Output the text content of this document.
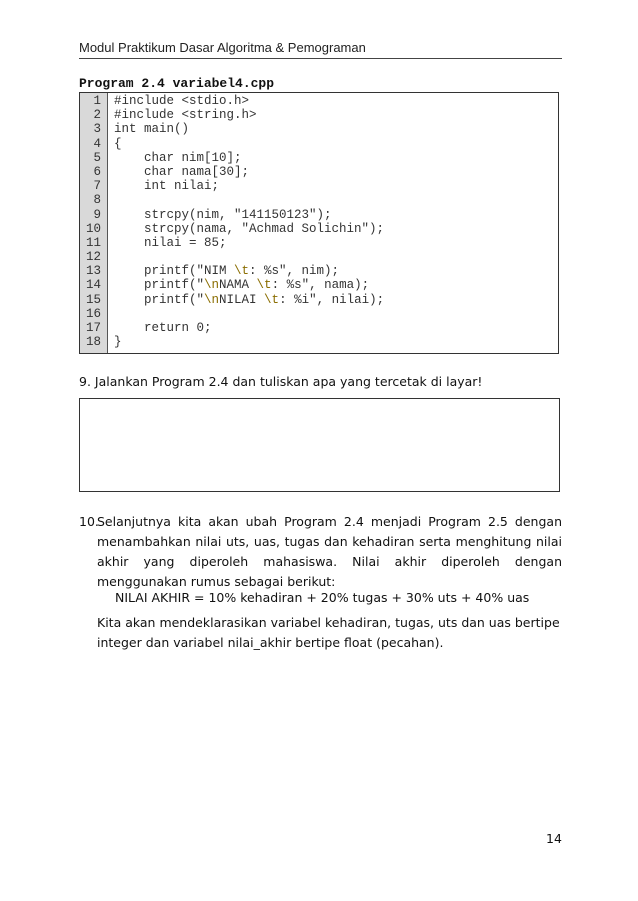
Modul Praktikum Dasar Algoritma & Pemograman
Program 2.4 variabel4.cpp
1
2
3
4
5
6
7
8
9
10
11
12
13
14
15
16
17
18
#include <stdio.h>
#include <string.h>
int main()
{
char nim[10];
char nama[30];
int nilai;
strcpy(nim, "141150123");
strcpy(nama, "Achmad Solichin");
nilai = 85;
printf("NIM \t: %s", nim);
printf("\nNAMA \t: %s", nama);
printf("\nNILAI \t: %i", nilai);
return 0;
}
9. Jalankan Program 2.4 dan tuliskan apa yang tercetak di layar!
10.
Selanjutnya kita akan ubah Program 2.4 menjadi Program 2.5 dengan menambahkan nilai uts, uas, tugas dan kehadiran serta menghitung nilai akhir yang diperoleh mahasiswa. Nilai akhir diperoleh dengan menggunakan rumus sebagai berikut:
NILAI AKHIR = 10% kehadiran + 20% tugas + 30% uts + 40% uas
Kita akan mendeklarasikan variabel kehadiran, tugas, uts dan uas bertipe integer dan variabel nilai_akhir bertipe float (pecahan).
14
